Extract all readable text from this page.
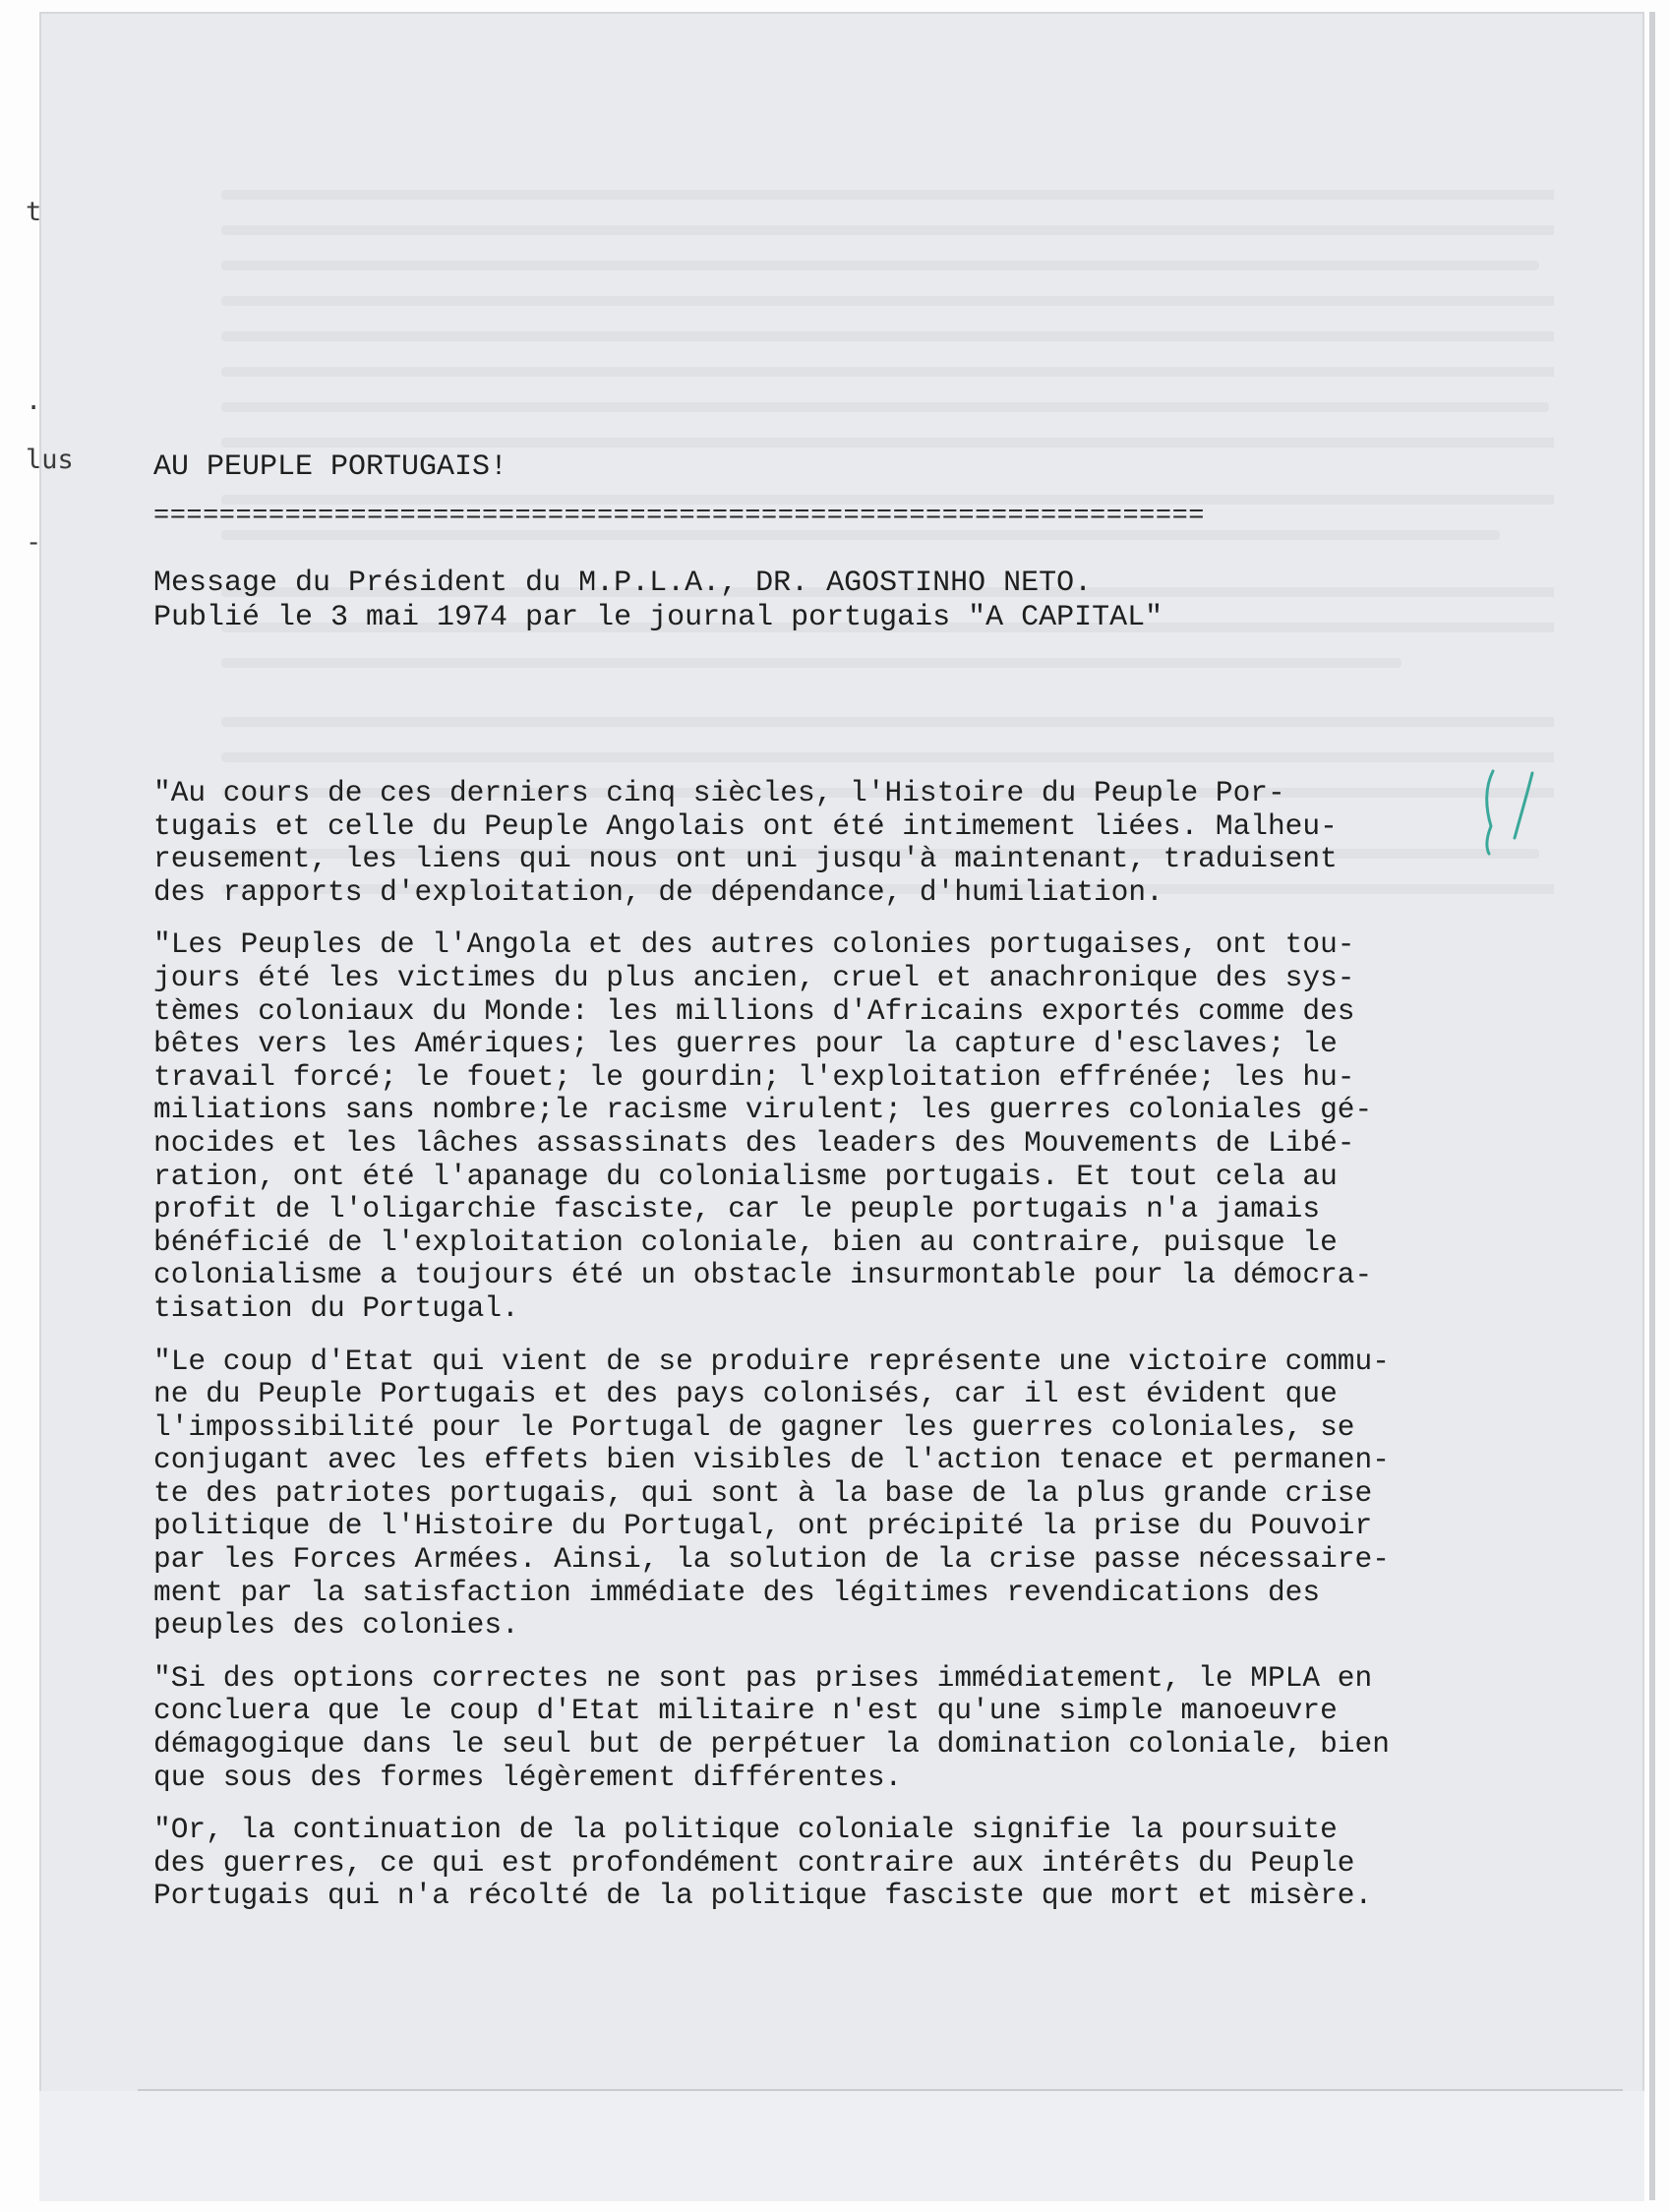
t
.
lus
-
AU PEUPLE PORTUGAIS!
================================================================
Message du Président du M.P.L.A., DR. AGOSTINHO NETO.
Publié le 3 mai 1974 par le journal portugais "A CAPITAL"

"Au cours de ces derniers cinq siècles, l'Histoire du Peuple Por-
tugais et celle du Peuple Angolais ont été intimement liées. Malheu-
reusement, les liens qui nous ont uni jusqu'à maintenant, traduisent
des rapports d'exploitation, de dépendance, d'humiliation.

"Les Peuples de l'Angola et des autres colonies portugaises, ont tou-
jours été les victimes du plus ancien, cruel et anachronique des sys-
tèmes coloniaux du Monde: les millions d'Africains exportés comme des
bêtes vers les Amériques; les guerres pour la capture d'esclaves; le
travail forcé; le fouet; le gourdin; l'exploitation effrénée; les hu-
miliations sans nombre;le racisme virulent; les guerres coloniales gé-
nocides et les lâches assassinats des leaders des Mouvements de Libé-
ration, ont été l'apanage du colonialisme portugais. Et tout cela au
profit de l'oligarchie fasciste, car le peuple portugais n'a jamais
bénéficié de l'exploitation coloniale, bien au contraire, puisque le
colonialisme a toujours été un obstacle insurmontable pour la démocra-
tisation du Portugal.

"Le coup d'Etat qui vient de se produire représente une victoire commu-
ne du Peuple Portugais et des pays colonisés, car il est évident que
l'impossibilité pour le Portugal de gagner les guerres coloniales, se
conjugant avec les effets bien visibles de l'action tenace et permanen-
te des patriotes portugais, qui sont à la base de la plus grande crise
politique de l'Histoire du Portugal, ont précipité la prise du Pouvoir
par les Forces Armées. Ainsi, la solution de la crise passe nécessaire-
ment par la satisfaction immédiate des légitimes revendications des
peuples des colonies.

"Si des options correctes ne sont pas prises immédiatement, le MPLA en
concluera que le coup d'Etat militaire n'est qu'une simple manoeuvre
démagogique dans le seul but de perpétuer la domination coloniale, bien
que sous des formes légèrement différentes.

"Or, la continuation de la politique coloniale signifie la poursuite
des guerres, ce qui est profondément contraire aux intérêts du Peuple
Portugais qui n'a récolté de la politique fasciste que mort et misère.
